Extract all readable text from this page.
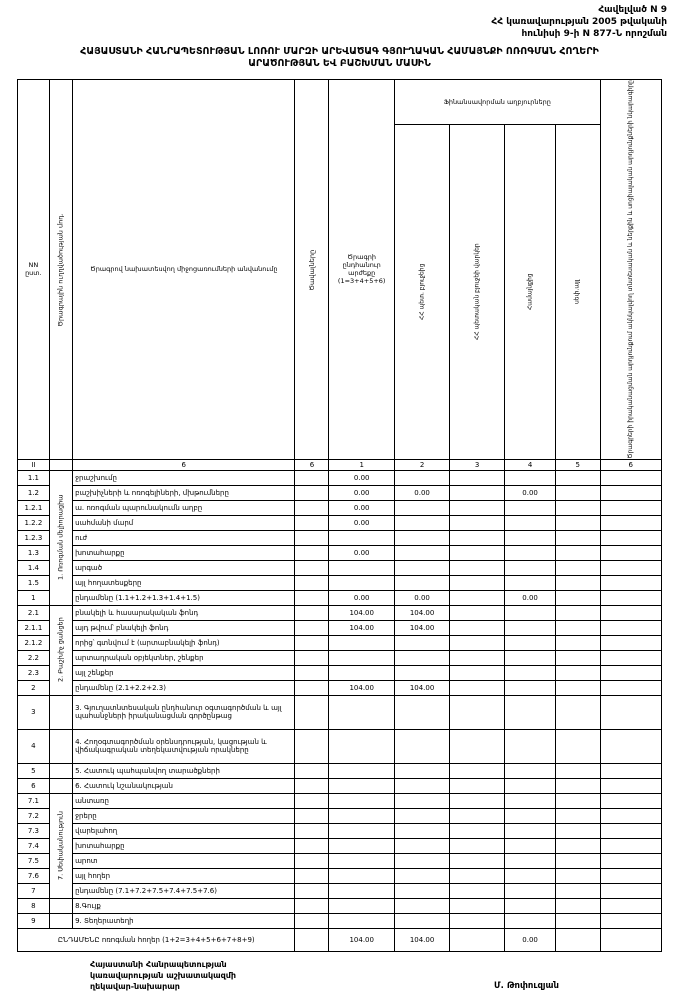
Հավելված N 9
ՀՀ կառավարության 2005 թվականի
հունիսի 9-ի N 877-Ն որոշման
ՀԱՅԱՍՏԱՆԻ ՀԱՆՐԱՊԵՏՈՒԹՅԱՆ ԼՈՌՈՒ ՄԱՐԶԻ ԱՐԵՎԱԾԱԳ ԳՅՈՒՂԱԿԱՆ ՀԱՄԱՅՆՔԻ ՈՌՈԳՄԱՆ ՀՈՂԵՐԻ
ԱՐԱԾՈՒԹՅԱՆ ԵՎ ԲԱՇԽՄԱՆ ՄԱՍԻՆ
NN ըստ.	Ծրագրային ուղղվածության մոդ.	Ծրագրով նախատեսվող միջոցառումների անվանումը	Ծավալները	Ծրագրի ընդհանուր արժեքը (1=3+4+5+6)	Ֆինանսավորման աղբյուրները				Ծրագրերի իրականացման արդյունքում ակնկալվող տնտեսական և ներքին և սոցիալական արդյունքների նկարագիրը
					ՀՀ պետ. բյուջեից	ՀՀ պետական բյուջեի վարկեր	Համայնքից	սեփ.այլ	

II		6	6	1	2	3	4	5	6
1.1	1. Ոռոգման մելիորացիա	ջրաշխումը		0.00					
1.2		բաշխիչների և ոռոգելիների, մխթումները		0.00	0.00		0.00		
1.2.1		ա. ոռոգման պարունակումն աղբը		0.00					
1.2.2		սահմանի մարմ		0.00					
1.2.3		ուժ							
1.3		խոտահարքը		0.00					
1.4		արգած							
1.5		այլ հողատեսքերը							
1		ընդամենը (1.1+1.2+1.3+1.4+1.5)		0.00	0.00		0.00		
2.1	2. Բաշխիչ ցանցեր	բնակելի և հասարակական ֆոնդ		104.00	104.00				
2.1.1		այդ թվում՝ բնակելի ֆոնդ		104.00	104.00				
2.1.2		որից՝ գտնվում է (արտաբնակելի ֆոնդ)							
2.2		արտադրական օբյեկտներ, շենքեր							
2.3		այլ շենքեր							
2		ընդամենը (2.1+2.2+2.3)		104.00	104.00				
3		3. Գյուղատնտեսական ընդհանուր օգտագործման և այլ պահանջների իրականացման գործընթաց							
4		4. Հողօգտագործման օրենսդրության, կացության և վիճակագրական տեղեկատվության որակները							
5		5. Հատուկ պահպանվող տարածքների							
6		6. Հատուկ նշանակության							
7.1	7. Սեփականություն	անտառը							
7.2		ջրերը							
7.3		վարելահող							
7.4		խոտահարքը							
7.5		արոտ							
7.6		այլ հողեր							
7		ընդամենը (7.1+7.2+7.5+7.4+7.5+7.6)							
8		8.Գույք							
9		9. Տեղերատեղի							
ԸՆԴԱՄԵՆԸ ոռոգման հողեր (1+2=3+4+5+6+7+8+9)				104.00	104.00		0.00		
Հայաստանի Հանրապետության
կառավարության աշխատակազմի
ղեկավար-նախարար	Մ. Թոփուզյան
